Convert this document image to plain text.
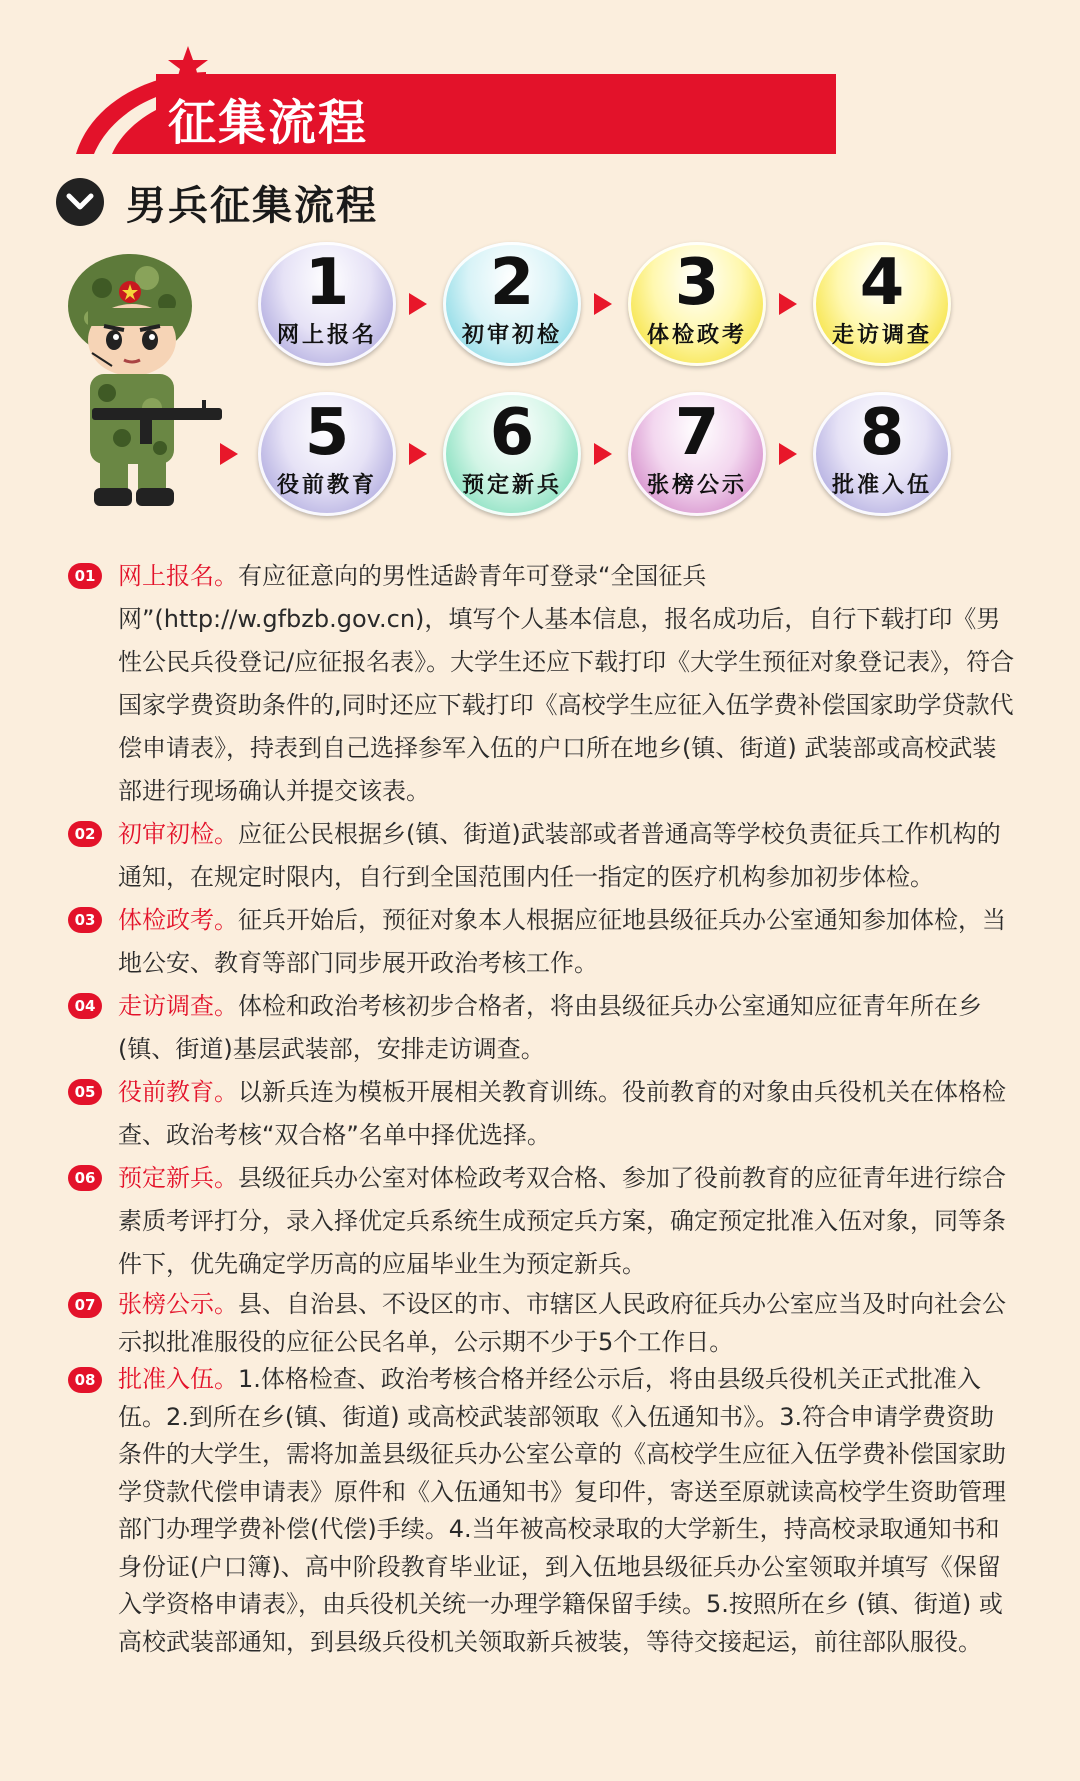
征集流程
男兵征集流程
1
网上报名
2
初审初检
3
体检政考
4
走访调查
5
役前教育
6
预定新兵
7
张榜公示
8
批准入伍
01 网上报名。有应征意向的男性适龄青年可登录“全国征兵网”(http://w.gfbzb.gov.cn)，填写个人基本信息，报名成功后，自行下载打印《男性公民兵役登记/应征报名表》。大学生还应下载打印《大学生预征对象登记表》，符合国家学费资助条件的,同时还应下载打印《高校学生应征入伍学费补偿国家助学贷款代偿申请表》，持表到自己选择参军入伍的户口所在地乡(镇、街道) 武装部或高校武装部进行现场确认并提交该表。
02 初审初检。应征公民根据乡(镇、街道)武装部或者普通高等学校负责征兵工作机构的通知，在规定时限内，自行到全国范围内任一指定的医疗机构参加初步体检。
03 体检政考。征兵开始后，预征对象本人根据应征地县级征兵办公室通知参加体检，当地公安、教育等部门同步展开政治考核工作。
04 走访调查。体检和政治考核初步合格者，将由县级征兵办公室通知应征青年所在乡(镇、街道)基层武装部，安排走访调查。
05 役前教育。以新兵连为模板开展相关教育训练。役前教育的对象由兵役机关在体格检查、政治考核“双合格”名单中择优选择。
06 预定新兵。县级征兵办公室对体检政考双合格、参加了役前教育的应征青年进行综合素质考评打分，录入择优定兵系统生成预定兵方案，确定预定批准入伍对象，同等条件下，优先确定学历高的应届毕业生为预定新兵。
07 张榜公示。县、自治县、不设区的市、市辖区人民政府征兵办公室应当及时向社会公示拟批准服役的应征公民名单，公示期不少于5个工作日。
08 批准入伍。1.体格检查、政治考核合格并经公示后，将由县级兵役机关正式批准入伍。2.到所在乡(镇、街道) 或高校武装部领取《入伍通知书》。3.符合申请学费资助条件的大学生，需将加盖县级征兵办公室公章的《高校学生应征入伍学费补偿国家助学贷款代偿申请表》原件和《入伍通知书》复印件，寄送至原就读高校学生资助管理部门办理学费补偿(代偿)手续。4.当年被高校录取的大学新生，持高校录取通知书和身份证(户口簿)、高中阶段教育毕业证，到入伍地县级征兵办公室领取并填写《保留入学资格申请表》，由兵役机关统一办理学籍保留手续。5.按照所在乡 (镇、街道) 或高校武装部通知，到县级兵役机关领取新兵被装，等待交接起运，前往部队服役。
